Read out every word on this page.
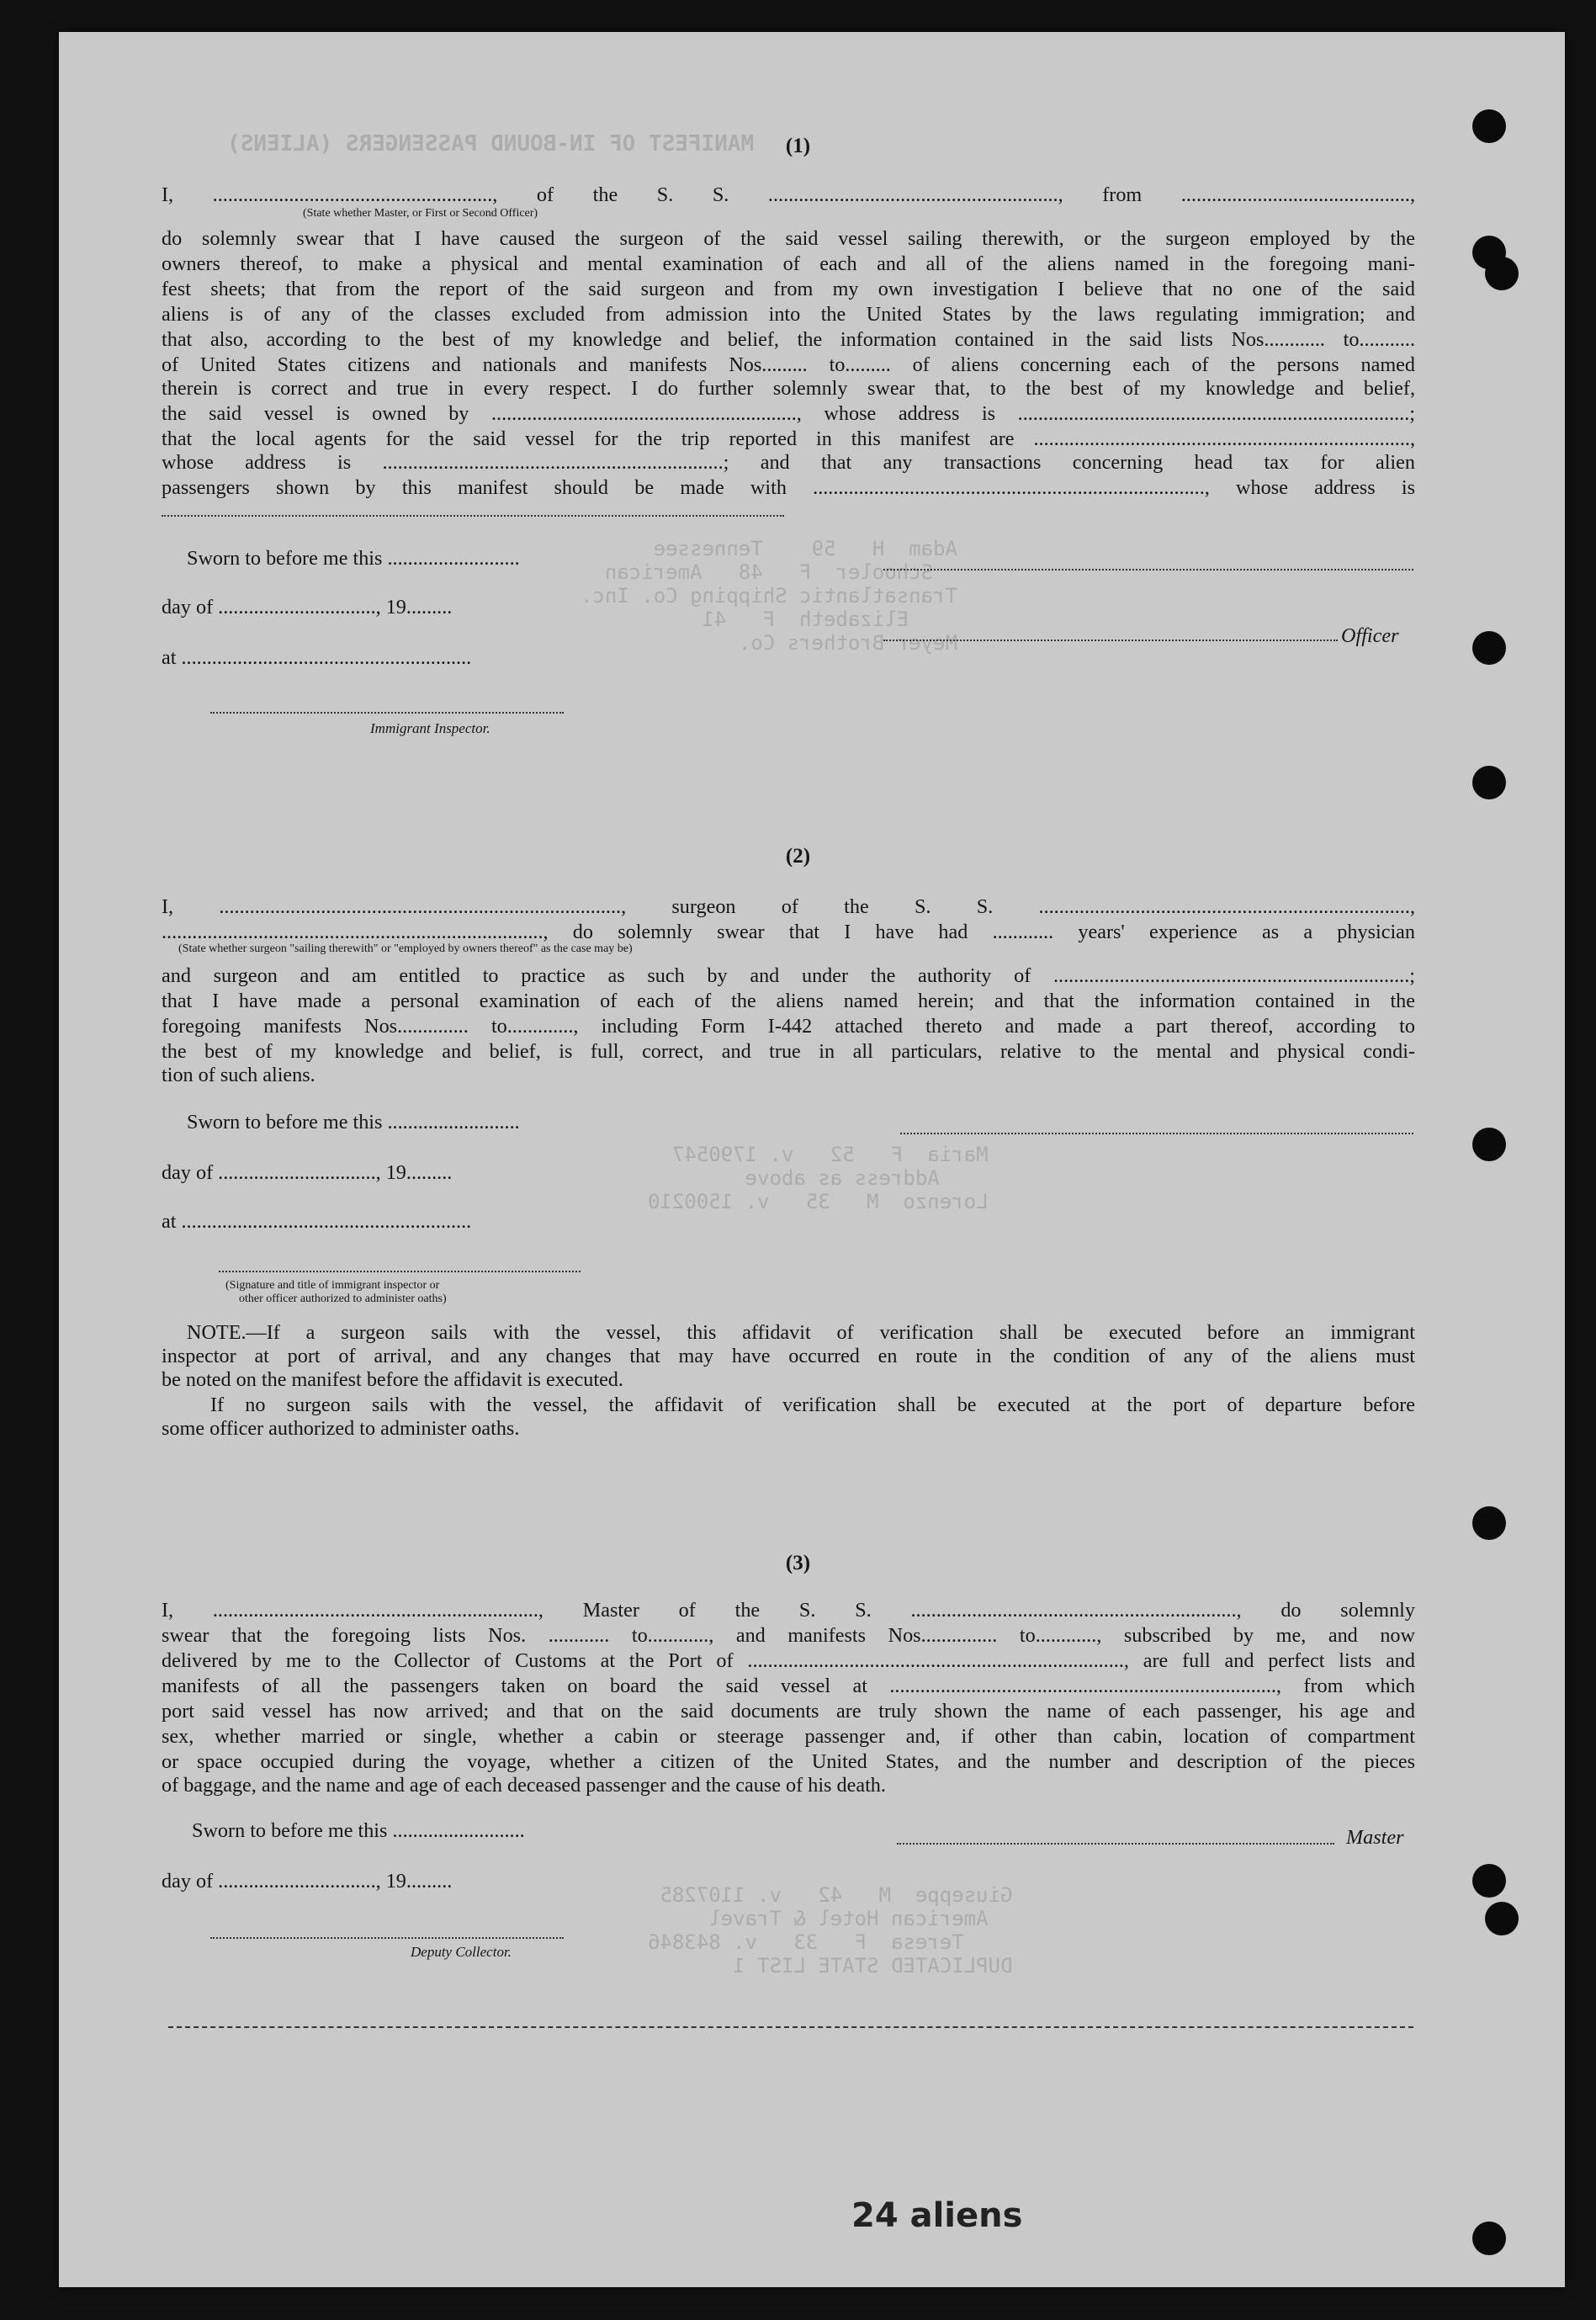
MANIFEST OF IN-BOUND PASSENGERS (ALIENS)
Adam  H   59    Tennessee
Schooler  F   48   American
Transatlantic Shipping Co. Inc.
Elizabeth  F   41
Meyer Brothers Co.
Maria  F   52   v. 1790547
Address as above
Lorenzo  M   35   v. 1500210
Giuseppe  M   42   v. 1107285
American Hotel & Travel
Teresa  F   33   v. 843846
DUPLICATED STATE LIST 1
(1)
I, ......................................................., of the S. S. ........................................................., from .............................................,
(State whether Master, or First or Second Officer)
do solemnly swear that I have caused the surgeon of the said vessel sailing therewith, or the surgeon employed by the
owners thereof, to make a physical and mental examination of each and all of the aliens named in the foregoing mani-
fest sheets; that from the report of the said surgeon and from my own investigation I believe that no one of the said
aliens is of any of the classes excluded from admission into the United States by the laws regulating immigration; and
that also, according to the best of my knowledge and belief, the information contained in the said lists Nos............ to...........
of United States citizens and nationals and manifests Nos......... to......... of aliens concerning each of the persons named
therein is correct and true in every respect. I do further solemnly swear that, to the best of my knowledge and belief,
the said vessel is owned by ............................................................, whose address is .............................................................................;
that the local agents for the said vessel for the trip reported in this manifest are ..........................................................................,
whose address is ...................................................................; and that any transactions concerning head tax for alien
passengers shown by this manifest should be made with ............................................................................., whose address is
Sworn to before me this ..........................
day of ..............................., 19.........
at .........................................................
Officer
Immigrant Inspector.
(2)
I, ..............................................................................., surgeon of the S. S. .........................................................................,
..........................................................................., do solemnly swear that I have had ............ years' experience as a physician
(State whether surgeon "sailing therewith" or "employed by owners thereof" as the case may be)
and surgeon and am entitled to practice as such by and under the authority of ......................................................................;
that I have made a personal examination of each of the aliens named herein; and that the information contained in the
foregoing manifests Nos.............. to............., including Form I-442 attached thereto and made a part thereof, according to
the best of my knowledge and belief, is full, correct, and true in all particulars, relative to the mental and physical condi-
tion of such aliens.
Sworn to before me this ..........................
day of ..............................., 19.........
at .........................................................
(Signature and title of immigrant inspector or
other officer authorized to administer oaths)
NOTE.—If a surgeon sails with the vessel, this affidavit of verification shall be executed before an immigrant
inspector at port of arrival, and any changes that may have occurred en route in the condition of any of the aliens must
be noted on the manifest before the affidavit is executed.
If no surgeon sails with the vessel, the affidavit of verification shall be executed at the port of departure before
some officer authorized to administer oaths.
(3)
I, ................................................................, Master of the S. S. ................................................................, do solemnly
swear that the foregoing lists Nos. ............ to............, and manifests Nos............... to............, subscribed by me, and now
delivered by me to the Collector of Customs at the Port of .........................................................................., are full and perfect lists and
manifests of all the passengers taken on board the said vessel at ............................................................................, from which
port said vessel has now arrived; and that on the said documents are truly shown the name of each passenger, his age and
sex, whether married or single, whether a cabin or steerage passenger and, if other than cabin, location of compartment
or space occupied during the voyage, whether a citizen of the United States, and the number and description of the pieces
of baggage, and the name and age of each deceased passenger and the cause of his death.
Sworn to before me this ..........................
day of ..............................., 19.........
Master
Deputy Collector.
24 aliens
